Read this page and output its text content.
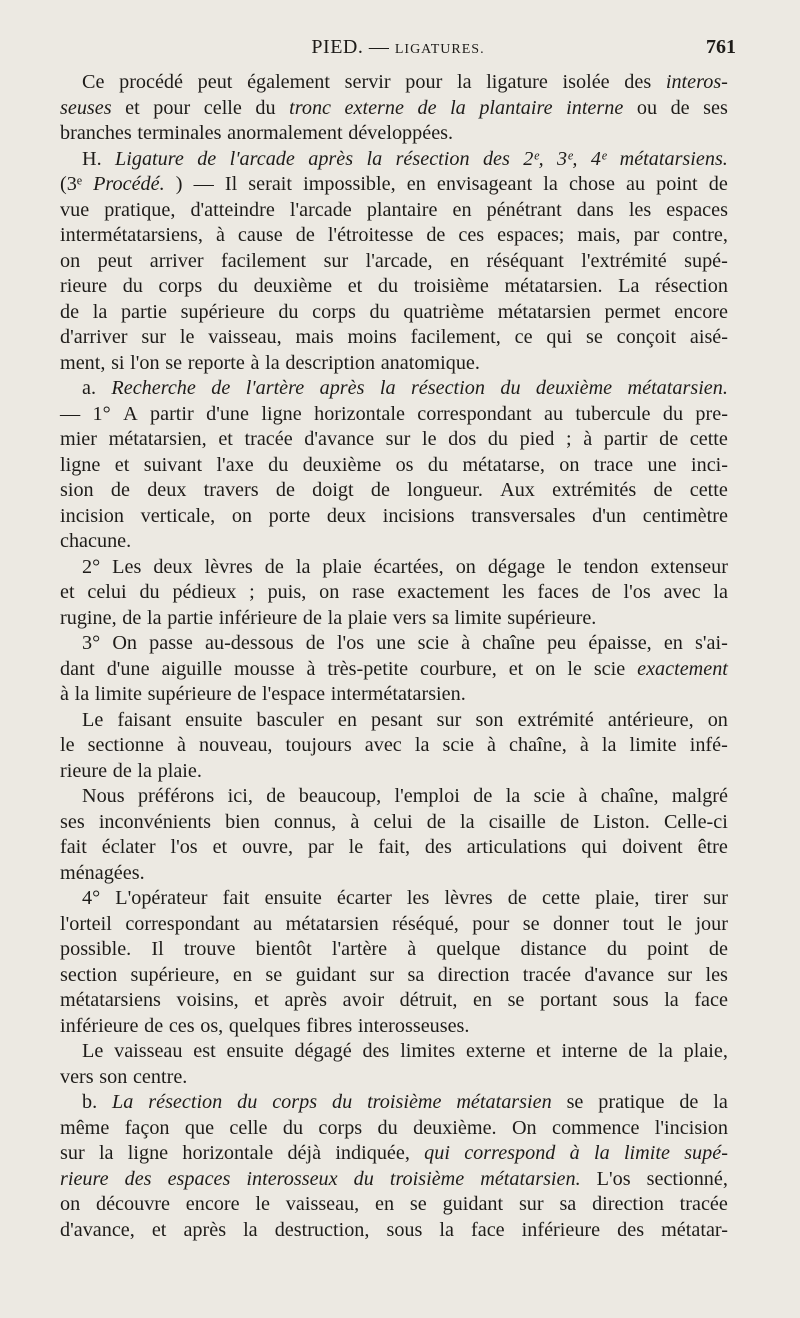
PIED. — LIGATURES.	761
Ce procédé peut également servir pour la ligature isolée des interos-
seuses et pour celle du tronc externe de la plantaire interne ou de ses
branches terminales anormalement développées.
H. Ligature de l'arcade après la résection des 2ᵉ, 3ᵉ, 4ᵉ métatarsiens.
(3ᵉ Procédé. ) — Il serait impossible, en envisageant la chose au point de
vue pratique, d'atteindre l'arcade plantaire en pénétrant dans les espaces
intermétatarsiens, à cause de l'étroitesse de ces espaces; mais, par contre,
on peut arriver facilement sur l'arcade, en réséquant l'extrémité supé-
rieure du corps du deuxième et du troisième métatarsien. La résection
de la partie supérieure du corps du quatrième métatarsien permet encore
d'arriver sur le vaisseau, mais moins facilement, ce qui se conçoit aisé-
ment, si l'on se reporte à la description anatomique.
a. Recherche de l'artère après la résection du deuxième métatarsien.
— 1° A partir d'une ligne horizontale correspondant au tubercule du pre-
mier métatarsien, et tracée d'avance sur le dos du pied ; à partir de cette
ligne et suivant l'axe du deuxième os du métatarse, on trace une inci-
sion de deux travers de doigt de longueur. Aux extrémités de cette
incision verticale, on porte deux incisions transversales d'un centimètre
chacune.
2° Les deux lèvres de la plaie écartées, on dégage le tendon extenseur
et celui du pédieux ; puis, on rase exactement les faces de l'os avec la
rugine, de la partie inférieure de la plaie vers sa limite supérieure.
3° On passe au-dessous de l'os une scie à chaîne peu épaisse, en s'ai-
dant d'une aiguille mousse à très-petite courbure, et on le scie exactement
à la limite supérieure de l'espace intermétatarsien.
Le faisant ensuite basculer en pesant sur son extrémité antérieure, on
le sectionne à nouveau, toujours avec la scie à chaîne, à la limite infé-
rieure de la plaie.
Nous préférons ici, de beaucoup, l'emploi de la scie à chaîne, malgré
ses inconvénients bien connus, à celui de la cisaille de Liston. Celle-ci
fait éclater l'os et ouvre, par le fait, des articulations qui doivent être
ménagées.
4° L'opérateur fait ensuite écarter les lèvres de cette plaie, tirer sur
l'orteil correspondant au métatarsien réséqué, pour se donner tout le jour
possible. Il trouve bientôt l'artère à quelque distance du point de
section supérieure, en se guidant sur sa direction tracée d'avance sur les
métatarsiens voisins, et après avoir détruit, en se portant sous la face
inférieure de ces os, quelques fibres interosseuses.
Le vaisseau est ensuite dégagé des limites externe et interne de la plaie,
vers son centre.
b. La résection du corps du troisième métatarsien se pratique de la
même façon que celle du corps du deuxième. On commence l'incision
sur la ligne horizontale déjà indiquée, qui correspond à la limite supé-
rieure des espaces interosseux du troisième métatarsien. L'os sectionné,
on découvre encore le vaisseau, en se guidant sur sa direction tracée
d'avance, et après la destruction, sous la face inférieure des métatar-
